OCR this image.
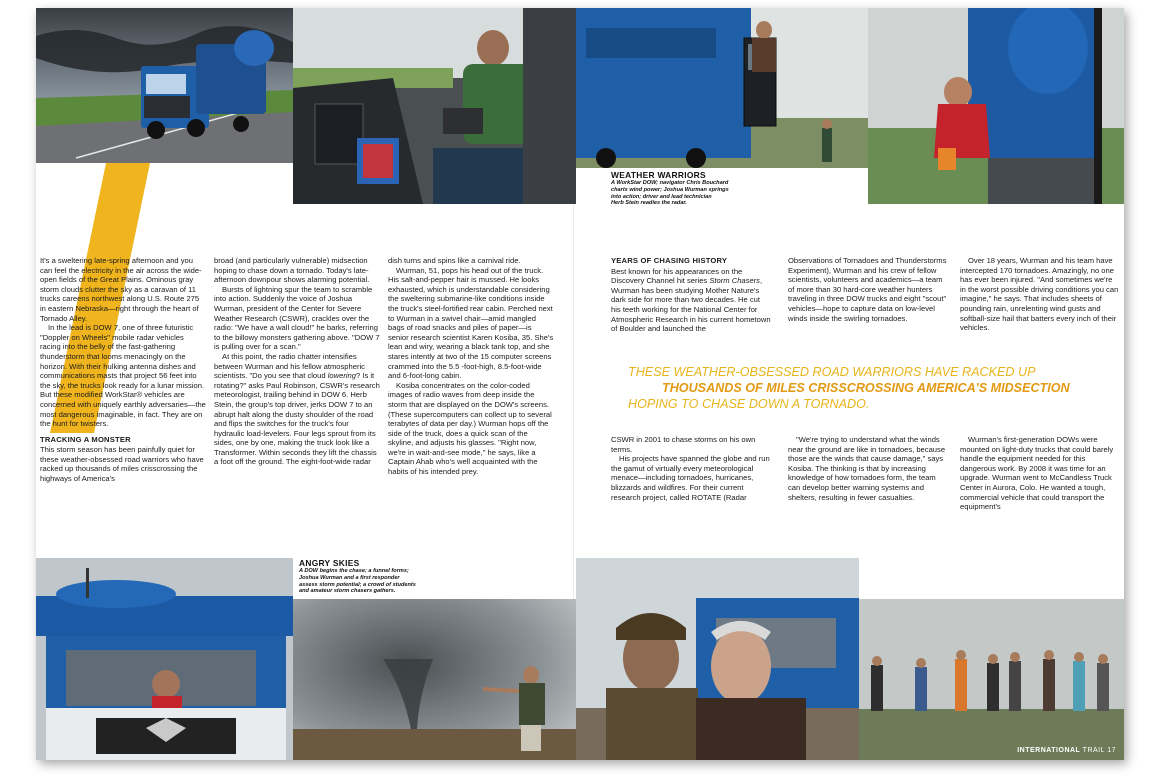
WEATHER WARRIORS
A WorkStar DOW; navigator Chris Bouchard
charts wind power; Joshua Wurman springs
into action; driver and lead technician
Herb Stein readies the radar.

It's a sweltering late-spring afternoon and you can feel the electricity in the air across the wide-open fields of the Great Plains. Ominous gray storm clouds clutter the sky as a caravan of 11 trucks careens northwest along U.S. Route 275 in eastern Nebraska—right through the heart of Tornado Alley.

In the lead is DOW 7, one of three futuristic "Doppler on Wheels" mobile radar vehicles racing into the belly of the fast-gathering thunderstorm that looms menacingly on the horizon. With their hulking antenna dishes and communications masts that project 56 feet into the sky, the trucks look ready for a lunar mission. But these modified WorkStar® vehicles are concerned with uniquely earthly adversaries—the most dangerous imaginable, in fact. They are on the hunt for twisters.

TRACKING A MONSTER

This storm season has been painfully quiet for these weather-obsessed road warriors who have racked up thousands of miles crisscrossing the highways of America's

broad (and particularly vulnerable) midsection hoping to chase down a tornado. Today's late-afternoon downpour shows alarming potential.

Bursts of lightning spur the team to scramble into action. Suddenly the voice of Joshua Wurman, president of the Center for Severe Weather Research (CSWR), crackles over the radio: "We have a wall cloud!" he barks, referring to the billowy monsters gathering above. "DOW 7 is pulling over for a scan."

At this point, the radio chatter intensifies between Wurman and his fellow atmospheric scientists. "Do you see that cloud lowering? Is it rotating?" asks Paul Robinson, CSWR's research meteorologist, trailing behind in DOW 6. Herb Stein, the group's top driver, jerks DOW 7 to an abrupt halt along the dusty shoulder of the road and flips the switches for the truck's four hydraulic load-levelers. Four legs sprout from its sides, one by one, making the truck look like a Transformer. Within seconds they lift the chassis a foot off the ground. The eight-foot-wide radar

dish turns and spins like a carnival ride.

Wurman, 51, pops his head out of the truck. His salt-and-pepper hair is mussed. He looks exhausted, which is understandable considering the sweltering submarine-like conditions inside the truck's steel-fortified rear cabin. Perched next to Wurman in a swivel chair—amid mangled bags of road snacks and piles of paper—is senior research scientist Karen Kosiba, 35. She's lean and wiry, wearing a black tank top, and she stares intently at two of the 15 computer screens crammed into the 5.5 -foot-high, 8.5-foot-wide and 6-foot-long cabin.

Kosiba concentrates on the color-coded images of radio waves from deep inside the storm that are displayed on the DOW's screens. (These supercomputers can collect up to several terabytes of data per day.) Wurman hops off the side of the truck, does a quick scan of the skyline, and adjusts his glasses. "Right now, we're in wait-and-see mode," he says, like a Captain Ahab who's well acquainted with the habits of his intended prey.

YEARS OF CHASING HISTORY

Best known for his appearances on the Discovery Channel hit series Storm Chasers, Wurman has been studying Mother Nature's dark side for more than two decades. He cut his teeth working for the National Center for Atmospheric Research in his current hometown of Boulder and launched the

CSWR in 2001 to chase storms on his own terms.

His projects have spanned the globe and run the gamut of virtually every meteorological menace—including tornadoes, hurricanes, blizzards and wildfires. For their current research project, called ROTATE (Radar

Observations of Tornadoes and Thunderstorms Experiment), Wurman and his crew of fellow scientists, volunteers and academics—a team of more than 30 hard-core weather hunters traveling in three DOW trucks and eight "scout" vehicles—hope to capture data on low-level winds inside the swirling tornadoes.

"We're trying to understand what the winds near the ground are like in tornadoes, because those are the winds that cause damage," says Kosiba. The thinking is that by increasing knowledge of how tornadoes form, the team can develop better warning systems and shelters, resulting in fewer casualties.

Over 18 years, Wurman and his team have intercepted 170 tornadoes. Amazingly, no one has ever been injured. "And sometimes we're in the worst possible driving conditions you can imagine," he says. That includes sheets of pounding rain, unrelenting wind gusts and softball-size hail that batters every inch of their vehicles.

Wurman's first-generation DOWs were mounted on light-duty trucks that could barely handle the equipment needed for this dangerous work. By 2008 it was time for an upgrade. Wurman went to McCandless Truck Center in Aurora, Colo. He wanted a tough, commercial vehicle that could transport the equipment's

THESE WEATHER-OBSESSED ROAD WARRIORS HAVE RACKED UP
THOUSANDS OF MILES CRISSCROSSING AMERICA'S MIDSECTION
HOPING TO CHASE DOWN A TORNADO.
ANGRY SKIES
A DOW begins the chase; a funnel forms;
Joshua Wurman and a first responder
assess storm potential; a crowd of students
and amateur storm chasers gathers.
INTERNATIONAL TRAIL 17
